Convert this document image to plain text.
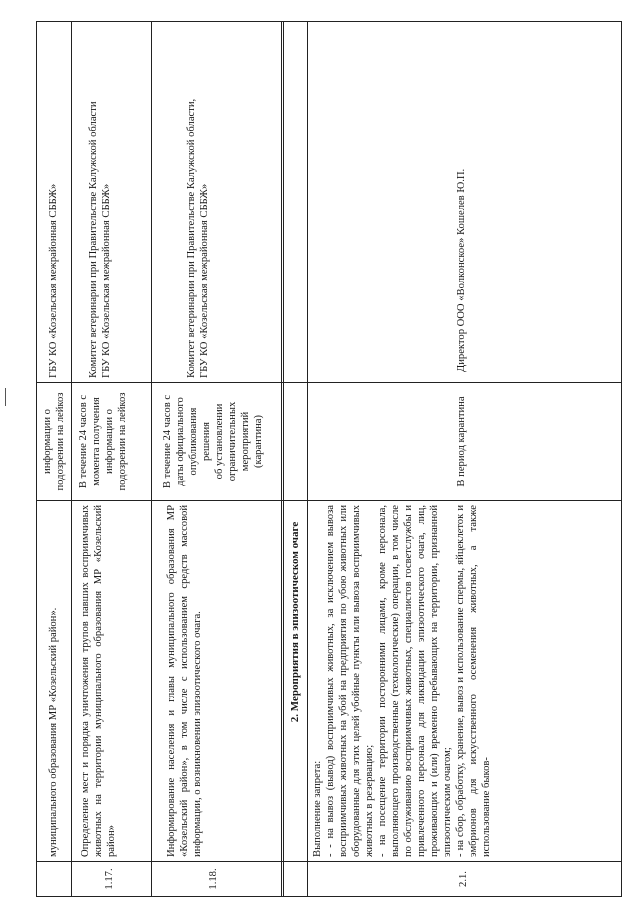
муниципального образования МР «Козельский район».
информации о подозрении на лейкоз
ГБУ КО «Козельская межрайонная СББЖ»
1.17.
Определение мест и порядка уничтожения трупов павших восприимчивых животных на территории муниципального образования МР «Козельский район»
В течение 24 часов с момента получения информации о подозрении на лейкоз
Комитет ветеринарии при Правительстве Калужской области ГБУ КО «Козельская межрайонная СББЖ»
1.18.
Информирование населения и главы муниципального образования МР «Козельский район», в том числе с использованием средств массовой информации, о возникновении эпизоотического очага.
В течение 24 часов с даты официального опубликования решения об установлении ограничительных мероприятий (карантина)
Комитет ветеринарии при Правительстве Калужской области, ГБУ КО «Козельская межрайонная СББЖ»
2. Мероприятия в эпизоотическом очаге
2.1.
Выполнение запрета: - - на вывоз (вывод) восприимчивых животных, за исключением вывоза восприимчивых животных на убой на предприятия по убою животных или оборудованные для этих целей убойные пункты или вывоза восприимчивых животных в резервацию; - на посещение территории посторонними лицами, кроме персонала, выполняющего производственные (технологические) операции, в том числе по обслуживанию восприимчивых животных, специалистов госветслужбы и привлеченного персонала для ликвидации эпизоотического очага, лиц, проживающих и (или) временно пребывающих на территории, признанной эпизоотическим очагом; - на сбор, обработку, хранение, вывоз и использование спермы, яйцеклеток и эмбрионов для искусственного осеменения животных, а также использование быков-
В период карантина
Директор ООО «Волконское» Кошелев Ю.П.
